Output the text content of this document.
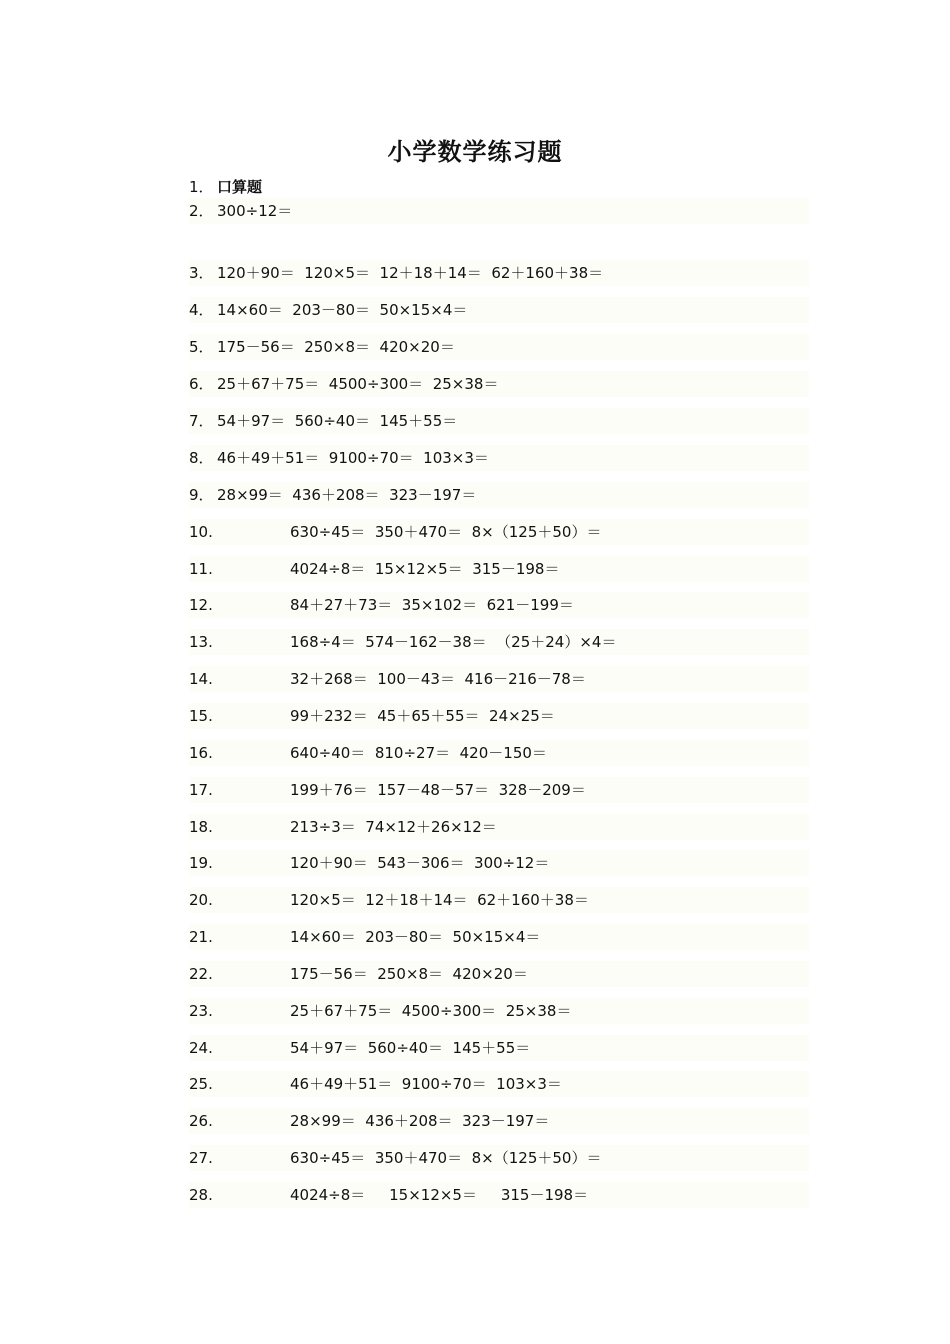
小学数学练习题
1． 口算题
2． 300÷12＝
3． 120＋90＝  120×5＝  12＋18＋14＝  62＋160＋38＝
4． 14×60＝  203－80＝  50×15×4＝
5． 175－56＝  250×8＝  420×20＝
6． 25＋67＋75＝  4500÷300＝  25×38＝
7． 54＋97＝  560÷40＝  145＋55＝
8． 46＋49＋51＝  9100÷70＝  103×3＝
9． 28×99＝  436＋208＝  323－197＝
10.	630÷45＝  350＋470＝  8×（125＋50）＝
11.	4024÷8＝  15×12×5＝  315－198＝
12.	84＋27＋73＝  35×102＝  621－199＝
13.	168÷4＝  574－162－38＝  （25＋24）×4＝
14.	32＋268＝  100－43＝  416－216－78＝
15.	99＋232＝  45＋65＋55＝  24×25＝
16.	640÷40＝  810÷27＝  420－150＝
17.	199＋76＝  157－48－57＝  328－209＝
18.	213÷3＝  74×12＋26×12＝
19.	120＋90＝  543－306＝  300÷12＝
20.	120×5＝  12＋18＋14＝  62＋160＋38＝
21.	14×60＝  203－80＝  50×15×4＝
22.	175－56＝  250×8＝  420×20＝
23.	25＋67＋75＝  4500÷300＝  25×38＝
24.	54＋97＝  560÷40＝  145＋55＝
25.	46＋49＋51＝  9100÷70＝  103×3＝
26.	28×99＝  436＋208＝  323－197＝
27.	630÷45＝  350＋470＝  8×（125＋50）＝
28.	4024÷8＝     15×12×5＝     315－198＝
